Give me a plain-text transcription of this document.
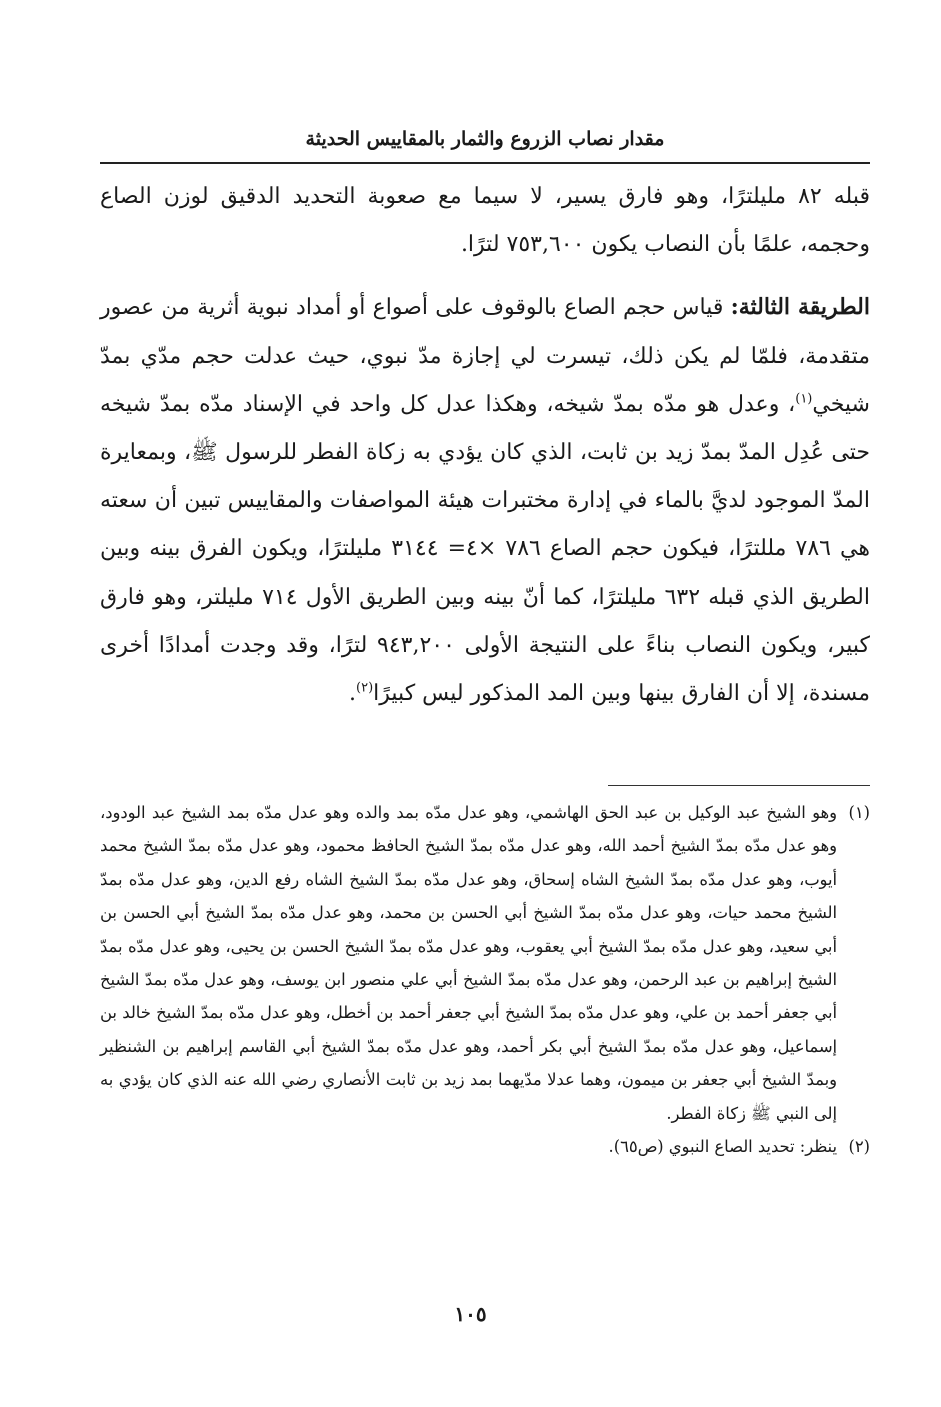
مقدار نصاب الزروع والثمار بالمقاييس الحديثة

قبله ٨٢ مليلترًا، وهو فارق يسير، لا سيما مع صعوبة التحديد الدقيق لوزن الصاع وحجمه، علمًا بأن النصاب يكون ٧٥٣,٦٠٠ لترًا.

الطريقة الثالثة: قياس حجم الصاع بالوقوف على أصواع أو أمداد نبوية أثرية من عصور متقدمة، فلمّا لم يكن ذلك، تيسرت لي إجازة مدّ نبوي، حيث عدلت حجم مدّي بمدّ شيخي$^{(١)}$، وعدل هو مدّه بمدّ شيخه، وهكذا عدل كل واحد في الإسناد مدّه بمدّ شيخه حتى عُدِل المدّ بمدّ زيد بن ثابت، الذي كان يؤدي به زكاة الفطر للرسول ﷺ، وبمعايرة المدّ الموجود لديَّ بالماء في إدارة مختبرات هيئة المواصفات والمقاييس تبين أن سعته هي ٧٨٦ مللترًا، فيكون حجم الصاع ٧٨٦ ×٤= ٣١٤٤ مليلترًا، ويكون الفرق بينه وبين الطريق الذي قبله ٦٣٢ مليلترًا، كما أنّ بينه وبين الطريق الأول ٧١٤ مليلتر، وهو فارق كبير، ويكون النصاب بناءً على النتيجة الأولى ٩٤٣,٢٠٠ لترًا، وقد وجدت أمدادًا أخرى مسندة، إلا أن الفارق بينها وبين المد المذكور ليس كبيرًا$^{(٢)}$.

(١)
وهو الشيخ عبد الوكيل بن عبد الحق الهاشمي، وهو عدل مدّه بمد والده وهو عدل مدّه بمد الشيخ عبد الودود، وهو عدل مدّه بمدّ الشيخ أحمد الله، وهو عدل مدّه بمدّ الشيخ الحافظ محمود، وهو عدل مدّه بمدّ الشيخ محمد أيوب، وهو عدل مدّه بمدّ الشيخ الشاه إسحاق، وهو عدل مدّه بمدّ الشيخ الشاه رفع الدين، وهو عدل مدّه بمدّ الشيخ محمد حيات، وهو عدل مدّه بمدّ الشيخ أبي الحسن بن محمد، وهو عدل مدّه بمدّ الشيخ أبي الحسن بن أبي سعيد، وهو عدل مدّه بمدّ الشيخ أبي يعقوب، وهو عدل مدّه بمدّ الشيخ الحسن بن يحيى، وهو عدل مدّه بمدّ الشيخ إبراهيم بن عبد الرحمن، وهو عدل مدّه بمدّ الشيخ أبي علي منصور ابن يوسف، وهو عدل مدّه بمدّ الشيخ أبي جعفر أحمد بن علي، وهو عدل مدّه بمدّ الشيخ أبي جعفر أحمد بن أخطل، وهو عدل مدّه بمدّ الشيخ خالد بن إسماعيل، وهو عدل مدّه بمدّ الشيخ أبي بكر أحمد، وهو عدل مدّه بمدّ الشيخ أبي القاسم إبراهيم بن الشنظير وبمدّ الشيخ أبي جعفر بن ميمون، وهما عدلا مدّيهما بمد زيد بن ثابت الأنصاري رضي الله عنه الذي كان يؤدي به إلى النبي ﷺ زكاة الفطر.
(٢)
ينظر: تحديد الصاع النبوي (ص٦٥).
١٠٥
